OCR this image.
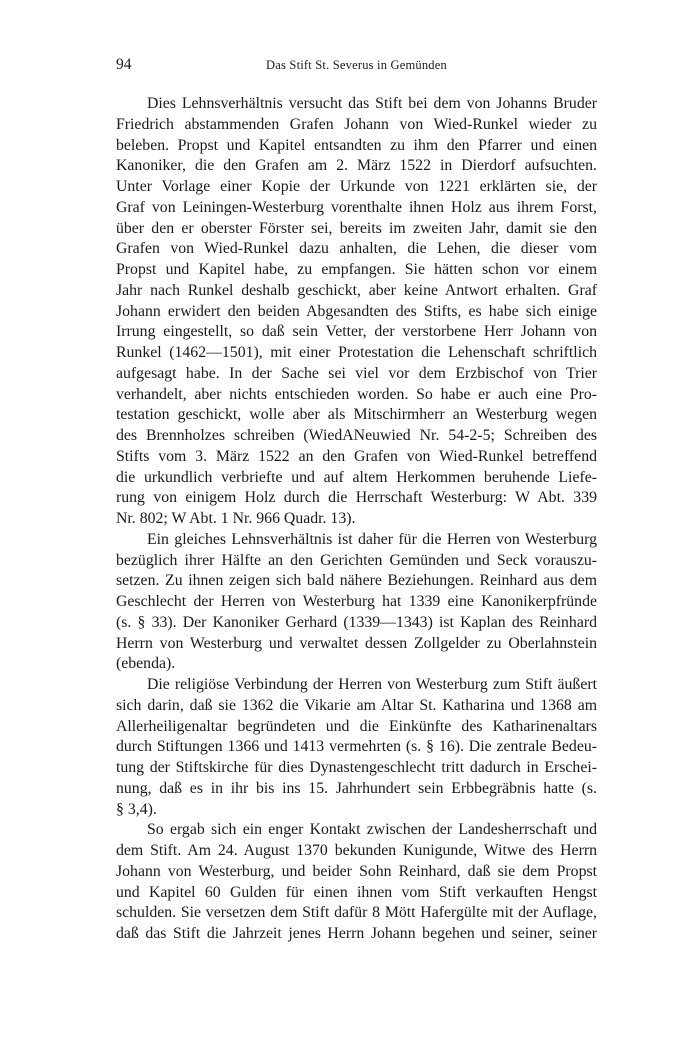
94	Das Stift St. Severus in Gemünden
Dies Lehnsverhältnis versucht das Stift bei dem von Johanns Bruder
Friedrich abstammenden Grafen Johann von Wied-Runkel wieder zu
beleben. Propst und Kapitel entsandten zu ihm den Pfarrer und einen
Kanoniker, die den Grafen am 2. März 1522 in Dierdorf aufsuchten.
Unter Vorlage einer Kopie der Urkunde von 1221 erklärten sie, der
Graf von Leiningen-Westerburg vorenthalte ihnen Holz aus ihrem Forst,
über den er oberster Förster sei, bereits im zweiten Jahr, damit sie den
Grafen von Wied-Runkel dazu anhalten, die Lehen, die dieser vom
Propst und Kapitel habe, zu empfangen. Sie hätten schon vor einem
Jahr nach Runkel deshalb geschickt, aber keine Antwort erhalten. Graf
Johann erwidert den beiden Abgesandten des Stifts, es habe sich einige
Irrung eingestellt, so daß sein Vetter, der verstorbene Herr Johann von
Runkel (1462—1501), mit einer Protestation die Lehenschaft schriftlich
aufgesagt habe. In der Sache sei viel vor dem Erzbischof von Trier
verhandelt, aber nichts entschieden worden. So habe er auch eine Pro-
testation geschickt, wolle aber als Mitschirmherr an Westerburg wegen
des Brennholzes schreiben (WiedANeuwied Nr. 54-2-5; Schreiben des
Stifts vom 3. März 1522 an den Grafen von Wied-Runkel betreffend
die urkundlich verbriefte und auf altem Herkommen beruhende Liefe-
rung von einigem Holz durch die Herrschaft Westerburg: W Abt. 339
Nr. 802; W Abt. 1 Nr. 966 Quadr. 13).
Ein gleiches Lehnsverhältnis ist daher für die Herren von Westerburg
bezüglich ihrer Hälfte an den Gerichten Gemünden und Seck vorauszu-
setzen. Zu ihnen zeigen sich bald nähere Beziehungen. Reinhard aus dem
Geschlecht der Herren von Westerburg hat 1339 eine Kanonikerpfründe
(s. § 33). Der Kanoniker Gerhard (1339—1343) ist Kaplan des Reinhard
Herrn von Westerburg und verwaltet dessen Zollgelder zu Oberlahnstein
(ebenda).
Die religiöse Verbindung der Herren von Westerburg zum Stift äußert
sich darin, daß sie 1362 die Vikarie am Altar St. Katharina und 1368 am
Allerheiligenaltar begründeten und die Einkünfte des Katharinenaltars
durch Stiftungen 1366 und 1413 vermehrten (s. § 16). Die zentrale Bedeu-
tung der Stiftskirche für dies Dynastengeschlecht tritt dadurch in Erschei-
nung, daß es in ihr bis ins 15. Jahrhundert sein Erbbegräbnis hatte (s.
§ 3,4).
So ergab sich ein enger Kontakt zwischen der Landesherrschaft und
dem Stift. Am 24. August 1370 bekunden Kunigunde, Witwe des Herrn
Johann von Westerburg, und beider Sohn Reinhard, daß sie dem Propst
und Kapitel 60 Gulden für einen ihnen vom Stift verkauften Hengst
schulden. Sie versetzen dem Stift dafür 8 Mött Hafergülte mit der Auflage,
daß das Stift die Jahrzeit jenes Herrn Johann begehen und seiner, seiner
